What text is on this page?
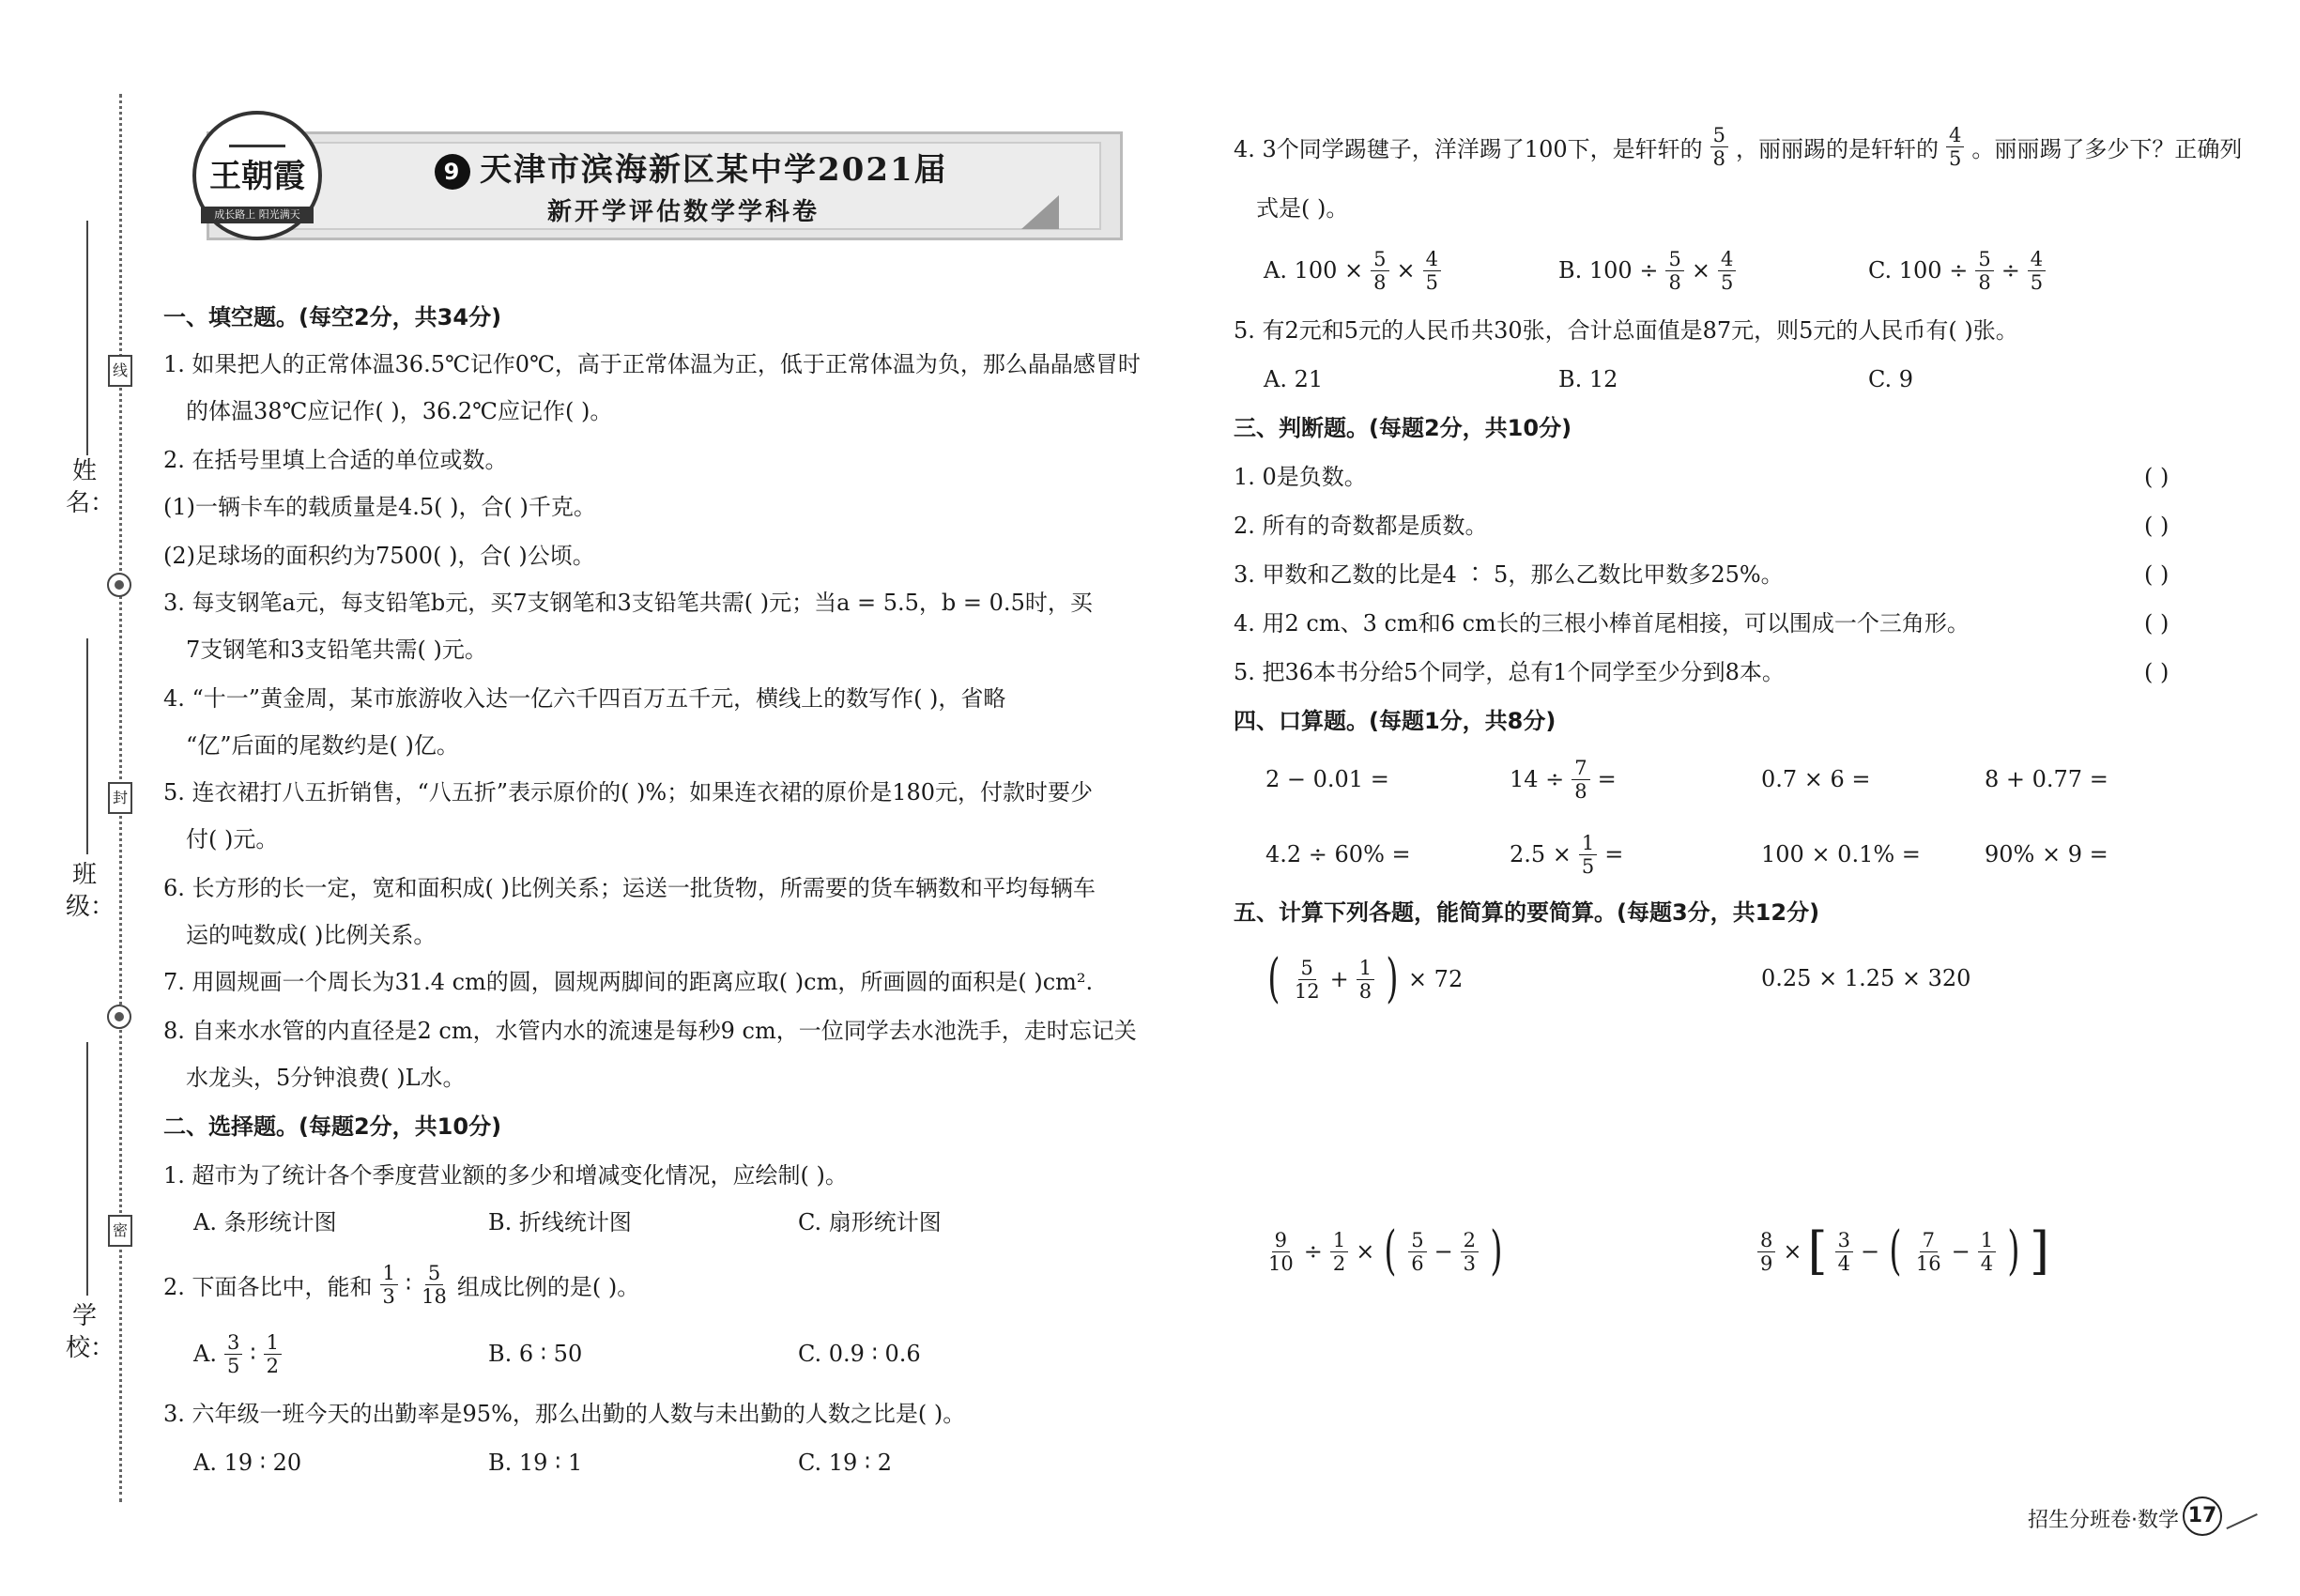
姓 名：
班 级：
学 校：
线
封
密
9 天津市滨海新区某中学2021届
新开学评估数学学科卷
王朝霞
成长路上 阳光满天
一、填空题。(每空2分，共34分)
1. 如果把人的正常体温36.5℃记作0℃，高于正常体温为正，低于正常体温为负，那么晶晶感冒时
的体温38℃应记作( )，36.2℃应记作( )。
2. 在括号里填上合适的单位或数。
(1)一辆卡车的载质量是4.5( )，合( )千克。
(2)足球场的面积约为7500( )，合( )公顷。
3. 每支钢笔a元，每支铅笔b元，买7支钢笔和3支铅笔共需( )元；当a = 5.5，b = 0.5时，买
7支钢笔和3支铅笔共需( )元。
4. “十一”黄金周，某市旅游收入达一亿六千四百万五千元，横线上的数写作( )，省略
“亿”后面的尾数约是( )亿。
5. 连衣裙打八五折销售，“八五折”表示原价的( )%；如果连衣裙的原价是180元，付款时要少
付( )元。
6. 长方形的长一定，宽和面积成( )比例关系；运送一批货物，所需要的货车辆数和平均每辆车
运的吨数成( )比例关系。
7. 用圆规画一个周长为31.4 cm的圆，圆规两脚间的距离应取( )cm，所画圆的面积是( )cm².
8. 自来水水管的内直径是2 cm，水管内水的流速是每秒9 cm，一位同学去水池洗手，走时忘记关
水龙头，5分钟浪费( )L水。
二、选择题。(每题2分，共10分)
1. 超市为了统计各个季度营业额的多少和增减变化情况，应绘制( )。
A. 条形统计图	B. 折线统计图	C. 扇形统计图
2. 下面各比中，能和 $\frac{1}{3}$ ∶ $\frac{5}{18}$ 组成比例的是( )。
A. $\frac{3}{5}$ ∶ $\frac{1}{2}$	B. 6 ∶ 50	C. 0.9 ∶ 0.6
3. 六年级一班今天的出勤率是95%，那么出勤的人数与未出勤的人数之比是( )。
A. 19 ∶ 20	B. 19 ∶ 1	C. 19 ∶ 2
4. 3个同学踢毽子，洋洋踢了100下，是轩轩的 $\frac{5}{8}$ ，丽丽踢的是轩轩的 $\frac{4}{5}$ 。丽丽踢了多少下？正确列
式是( )。
A. $100 \times \frac{5}{8} \times \frac{4}{5}$	B. $100 \div \frac{5}{8} \times \frac{4}{5}$	C. $100 \div \frac{5}{8} \div \frac{4}{5}$
5. 有2元和5元的人民币共30张，合计总面值是87元，则5元的人民币有( )张。
A. 21	B. 12	C. 9
三、判断题。(每题2分，共10分)
1. 0是负数。	( )
2. 所有的奇数都是质数。	( )
3. 甲数和乙数的比是4 ∶ 5，那么乙数比甲数多25%。	( )
4. 用2 cm、3 cm和6 cm长的三根小棒首尾相接，可以围成一个三角形。	( )
5. 把36本书分给5个同学，总有1个同学至少分到8本。	( )
四、口算题。(每题1分，共8分)
2 − 0.01 =	$14 \div \frac{7}{8}$ =	0.7 × 6 =	8 + 0.77 =
4.2 ÷ 60% =	$2.5 \times \frac{1}{5}$ =	100 × 0.1% =	90% × 9 =
五、计算下列各题，能简算的要简算。(每题3分，共12分)
( $\frac{5}{12} + \frac{1}{8}$ ) × 72	0.25 × 1.25 × 320
$\frac{9}{10} \div \frac{1}{2}$ × ( $\frac{5}{6} - \frac{2}{3}$ )	$\frac{8}{9}$ × [ $\frac{3}{4}$ − ( $\frac{7}{16} - \frac{1}{4}$ ) ]
招生分班卷·数学 17
